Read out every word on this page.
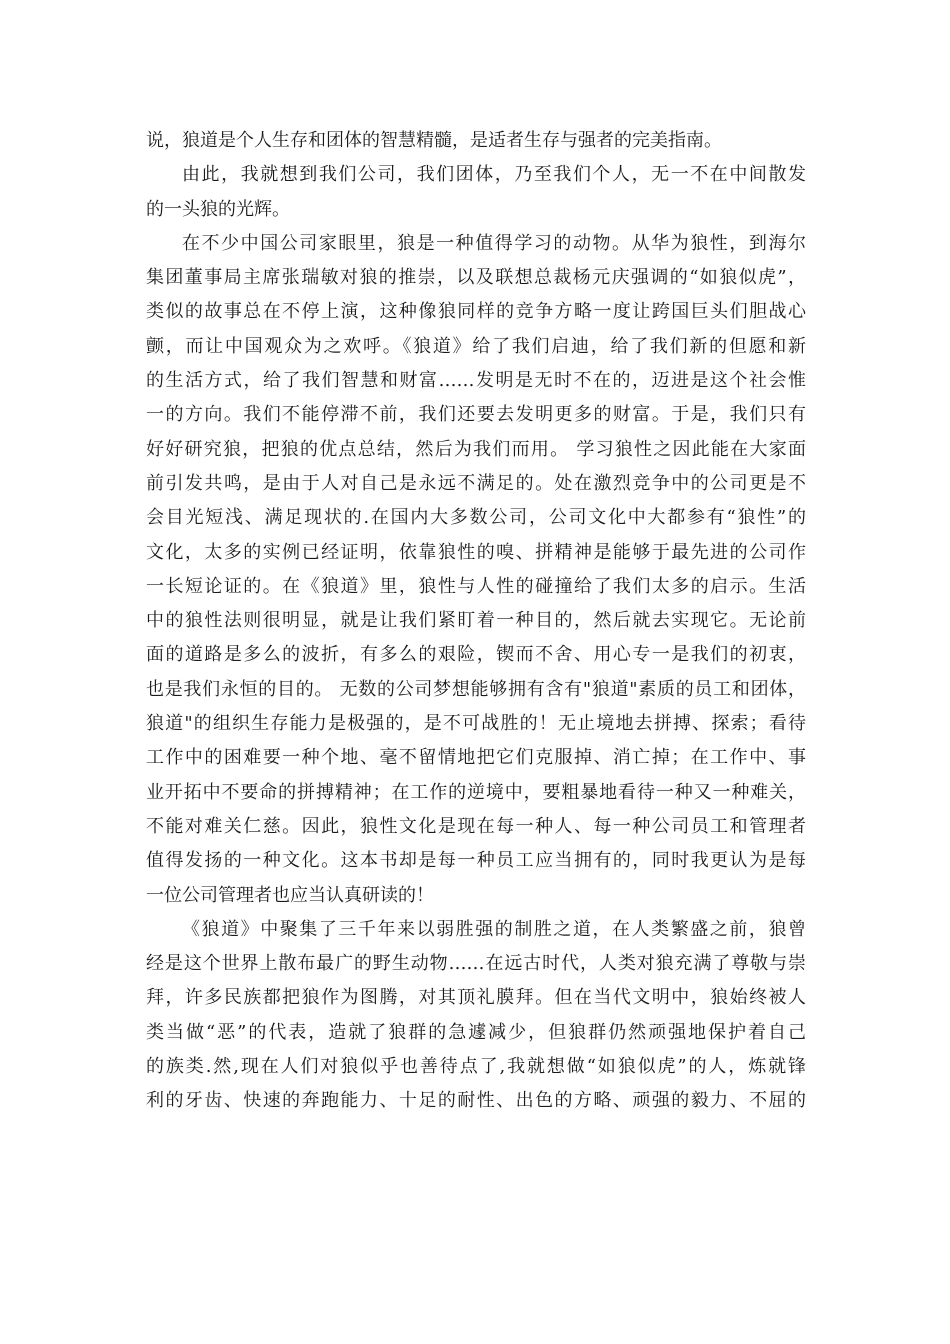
说，狼道是个人生存和团体的智慧精髓，是适者生存与强者的完美指南。
由此，我就想到我们公司，我们团体，乃至我们个人，无一不在中间散发
的一头狼的光辉。
在不少中国公司家眼里，狼是一种值得学习的动物。从华为狼性，到海尔
集团董事局主席张瑞敏对狼的推崇，以及联想总裁杨元庆强调的“如狼似虎”，
类似的故事总在不停上演，这种像狼同样的竞争方略一度让跨国巨头们胆战心
颤，而让中国观众为之欢呼。《狼道》给了我们启迪，给了我们新的但愿和新
的生活方式，给了我们智慧和财富……发明是无时不在的，迈进是这个社会惟
一的方向。我们不能停滞不前，我们还要去发明更多的财富。于是，我们只有
好好研究狼，把狼的优点总结，然后为我们而用。 学习狼性之因此能在大家面
前引发共鸣，是由于人对自己是永远不满足的。处在激烈竞争中的公司更是不
会目光短浅、满足现状的.在国内大多数公司，公司文化中大都参有“狼性”的
文化，太多的实例已经证明，依靠狼性的嗅、拼精神是能够于最先进的公司作
一长短论证的。在《狼道》里，狼性与人性的碰撞给了我们太多的启示。生活
中的狼性法则很明显，就是让我们紧盯着一种目的，然后就去实现它。无论前
面的道路是多么的波折，有多么的艰险，锲而不舍、用心专一是我们的初衷，
也是我们永恒的目的。 无数的公司梦想能够拥有含有"狼道"素质的员工和团体，
狼道"的组织生存能力是极强的，是不可战胜的！无止境地去拼搏、探索；看待
工作中的困难要一种个地、毫不留情地把它们克服掉、消亡掉；在工作中、事
业开拓中不要命的拼搏精神；在工作的逆境中，要粗暴地看待一种又一种难关，
不能对难关仁慈。因此，狼性文化是现在每一种人、每一种公司员工和管理者
值得发扬的一种文化。这本书却是每一种员工应当拥有的，同时我更认为是每
一位公司管理者也应当认真研读的！
《狼道》中聚集了三千年来以弱胜强的制胜之道，在人类繁盛之前，狼曾
经是这个世界上散布最广的野生动物……在远古时代，人类对狼充满了尊敬与崇
拜，许多民族都把狼作为图腾，对其顶礼膜拜。但在当代文明中，狼始终被人
类当做“恶”的代表，造就了狼群的急遽减少，但狼群仍然顽强地保护着自己
的族类.然,现在人们对狼似乎也善待点了,我就想做“如狼似虎”的人，炼就锋
利的牙齿、快速的奔跑能力、十足的耐性、出色的方略、顽强的毅力、不屈的
